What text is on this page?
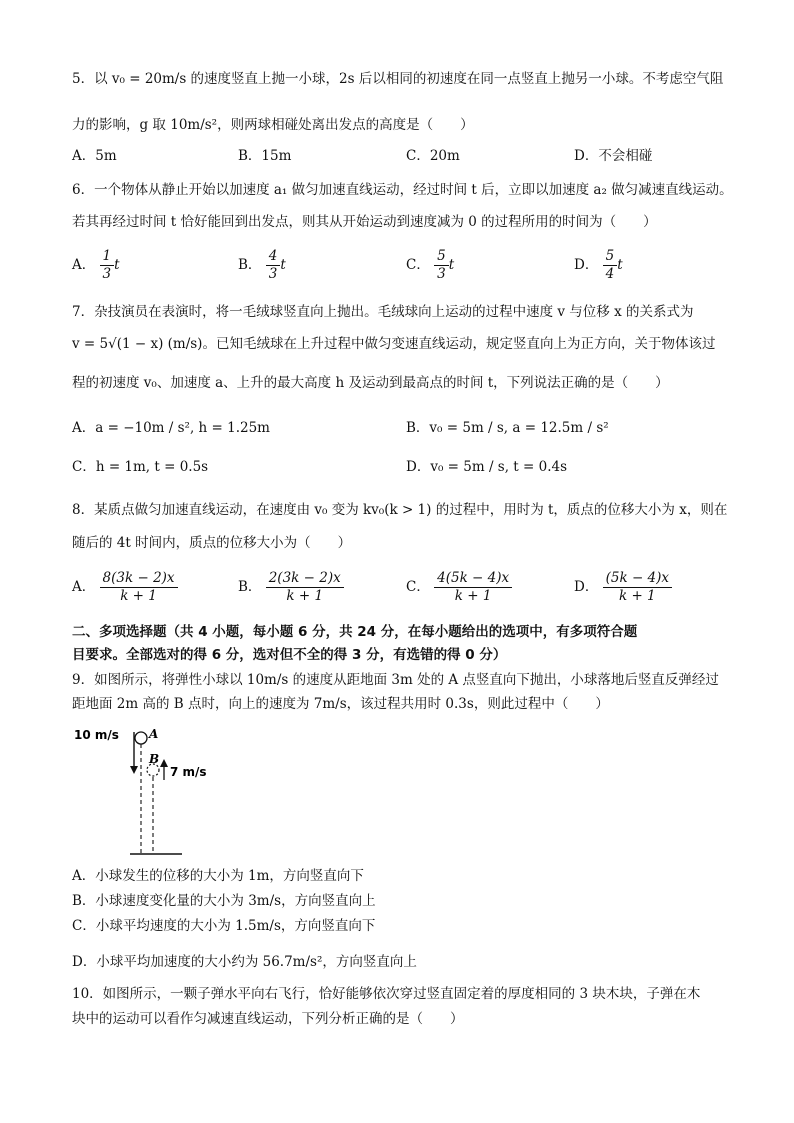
5．以 v₀ = 20m/s 的速度竖直上抛一小球，2s 后以相同的初速度在同一点竖直上抛另一小球。不考虑空气阻
力的影响，g 取 10m/s²，则两球相碰处离出发点的高度是（　　）
A．5m	B．15m	C．20m	D．不会相碰
6．一个物体从静止开始以加速度 a₁ 做匀加速直线运动，经过时间 t 后，立即以加速度 a₂ 做匀减速直线运动。
若其再经过时间 t 恰好能回到出发点，则其从开始运动到速度减为 0 的过程所用的时间为（　　）
A． $\frac{1}{3}$ t	B． $\frac{4}{3}$ t	C． $\frac{5}{3}$ t	D． $\frac{5}{4}$ t
7．杂技演员在表演时，将一毛绒球竖直向上抛出。毛绒球向上运动的过程中速度 v 与位移 x 的关系式为
v = 5√(1 − x) (m/s)。已知毛绒球在上升过程中做匀变速直线运动，规定竖直向上为正方向，关于物体该过
程的初速度 v₀、加速度 a、上升的最大高度 h 及运动到最高点的时间 t，下列说法正确的是（　　）
A．a = −10m / s², h = 1.25m	B．v₀ = 5m / s, a = 12.5m / s²
C．h = 1m, t = 0.5s	D．v₀ = 5m / s, t = 0.4s
8．某质点做匀加速直线运动，在速度由 v₀ 变为 kv₀(k > 1) 的过程中，用时为 t，质点的位移大小为 x，则在
随后的 4t 时间内，质点的位移大小为（　　）
A． $\frac{8(3k - 2)x}{k + 1}$	B． $\frac{2(3k - 2)x}{k + 1}$	C． $\frac{4(5k - 4)x}{k + 1}$	D． $\frac{(5k - 4)x}{k + 1}$
二、多项选择题（共 4 小题，每小题 6 分，共 24 分，在每小题给出的选项中，有多项符合题
目要求。全部选对的得 6 分，选对但不全的得 3 分，有选错的得 0 分）
9．如图所示，将弹性小球以 10m/s 的速度从距地面 3m 处的 A 点竖直向下抛出，小球落地后竖直反弹经过
距地面 2m 高的 B 点时，向上的速度为 7m/s，该过程共用时 0.3s，则此过程中（　　）
10 m/s	A
B
7 m/s
A．小球发生的位移的大小为 1m，方向竖直向下
B．小球速度变化量的大小为 3m/s，方向竖直向上
C．小球平均速度的大小为 1.5m/s，方向竖直向下
D．小球平均加速度的大小约为 56.7m/s²，方向竖直向上
10．如图所示，一颗子弹水平向右飞行，恰好能够依次穿过竖直固定着的厚度相同的 3 块木块，子弹在木
块中的运动可以看作匀减速直线运动，下列分析正确的是（　　）
